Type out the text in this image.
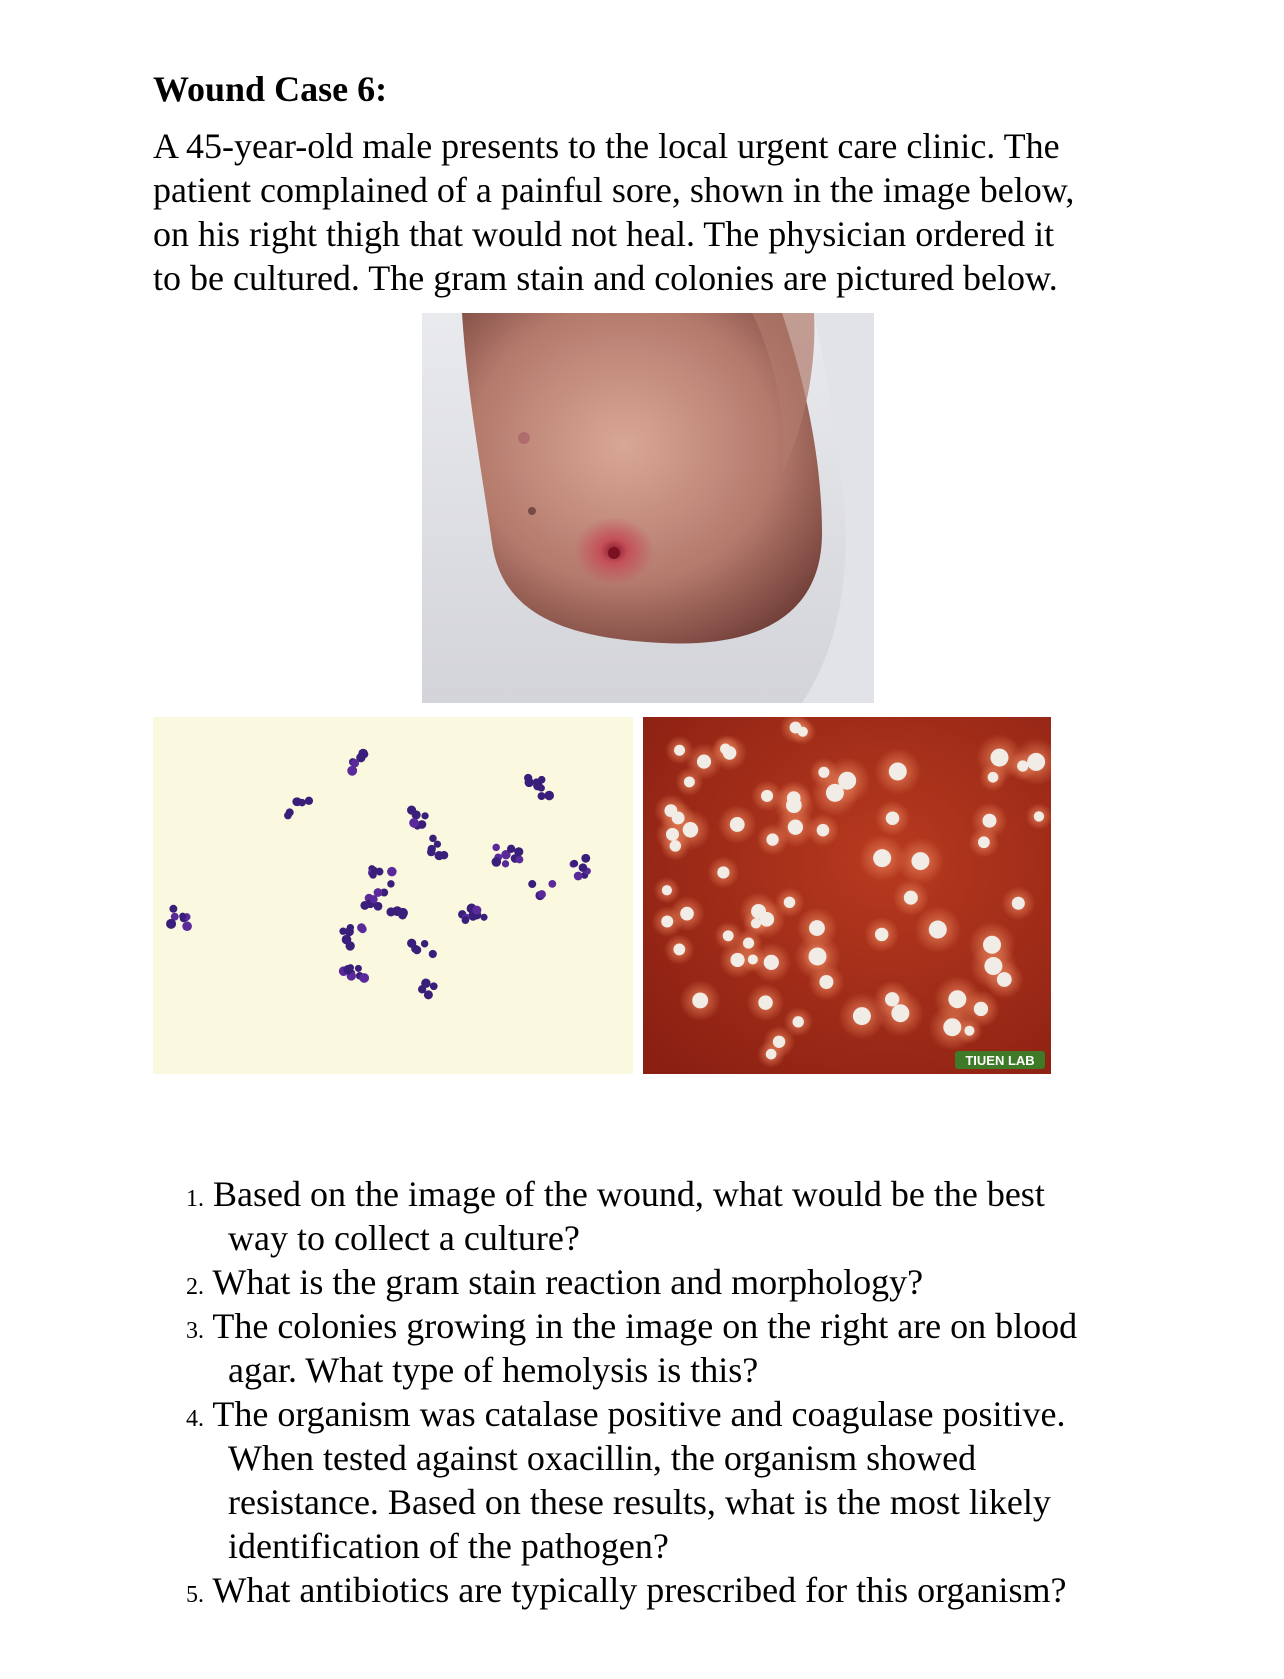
Wound Case 6:
A 45-year-old male presents to the local urgent care clinic. The
patient complained of a painful sore, shown in the image below,
on his right thigh that would not heal. The physician ordered it
to be cultured. The gram stain and colonies are pictured below.
TIUEN LAB
1. Based on the image of the wound, what would be the best
way to collect a culture?
2. What is the gram stain reaction and morphology?
3. The colonies growing in the image on the right are on blood
agar. What type of hemolysis is this?
4. The organism was catalase positive and coagulase positive.
When tested against oxacillin, the organism showed
resistance. Based on these results, what is the most likely
identification of the pathogen?
5. What antibiotics are typically prescribed for this organism?
